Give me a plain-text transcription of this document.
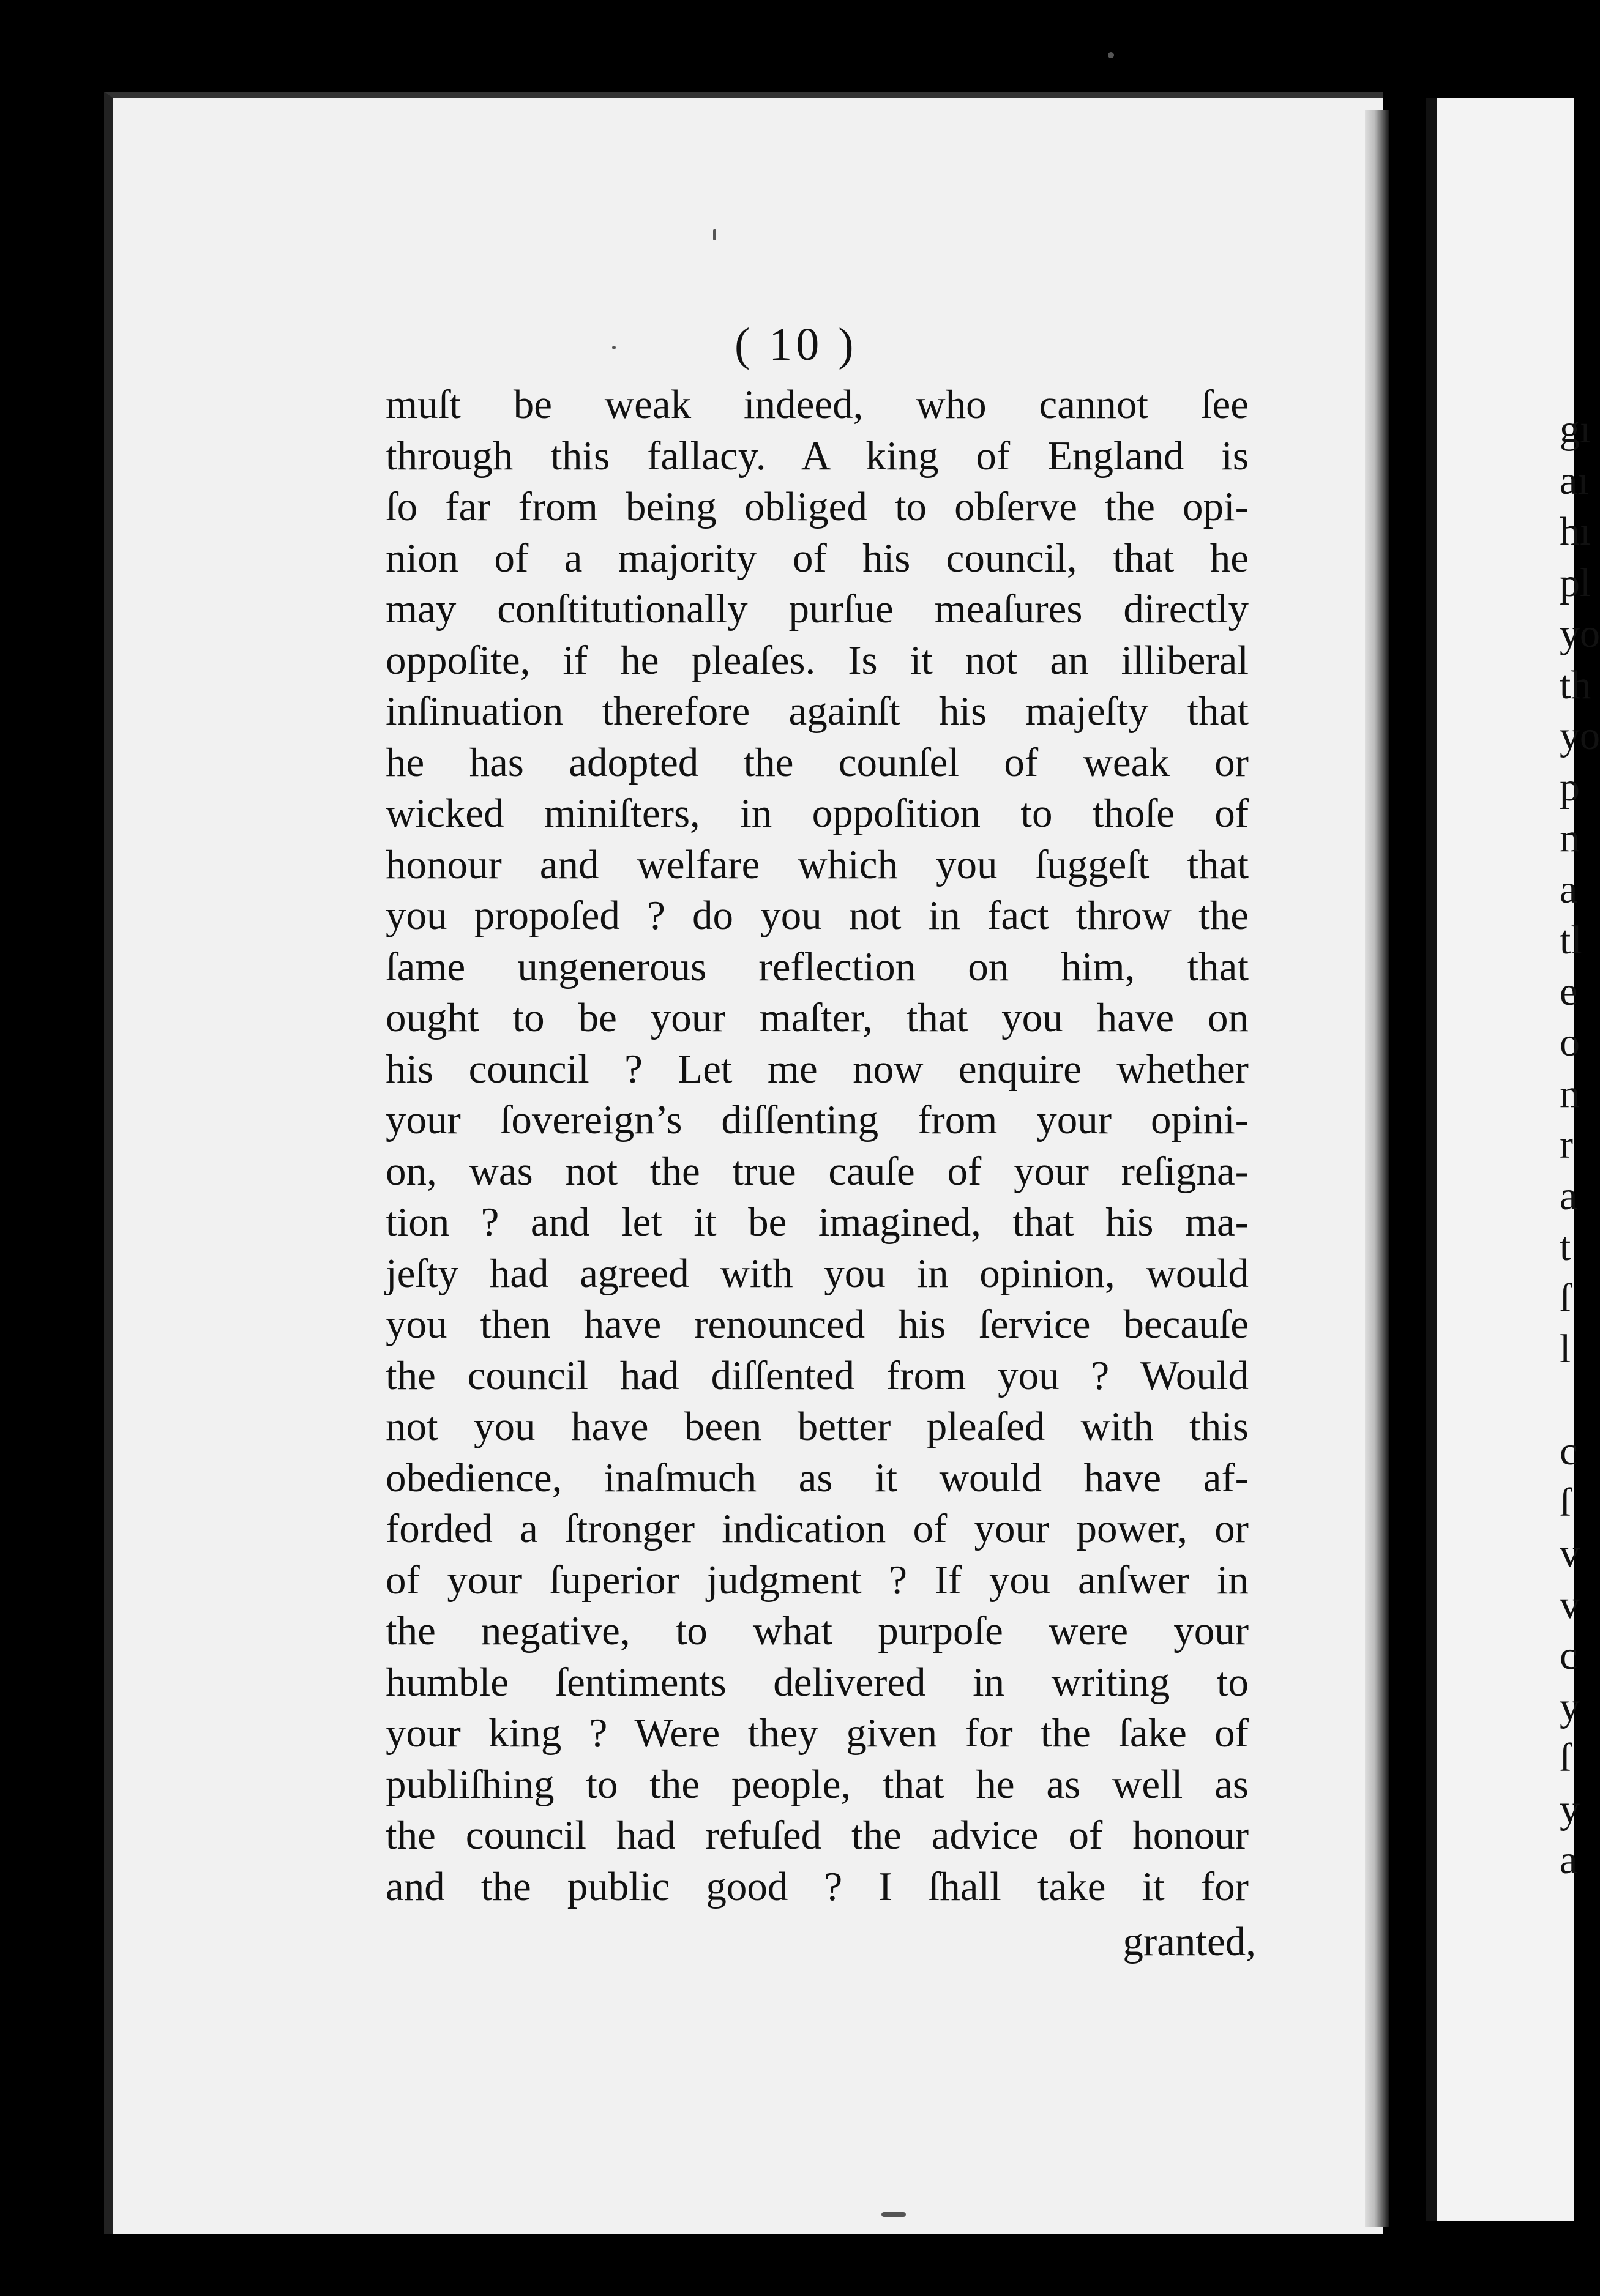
gı
aı
hı
pl
yo
th
yo
p
n
a
tl
e
o
n
r
a
t
ſ
l

c
ſ
v
v
c
y
ſ
y
a
( 10 )
muſt be weak indeed, who cannot ſee
through this fallacy. A king of England is
ſo far from being obliged to obſerve the opi-
nion of a majority of his council, that he
may conſtitutionally purſue meaſures directly
oppoſite, if he pleaſes. Is it not an illiberal
inſinuation therefore againſt his majeſty that
he has adopted the counſel of weak or
wicked miniſters, in oppoſition to thoſe of
honour and welfare which you ſuggeſt that
you propoſed ? do you not in fact throw the
ſame ungenerous reflection on him, that
ought to be your maſter, that you have on
his council ? Let me now enquire whether
your ſovereign’s diſſenting from your opini-
on, was not the true cauſe of your reſigna-
tion ? and let it be imagined, that his ma-
jeſty had agreed with you in opinion, would
you then have renounced his ſervice becauſe
the council had diſſented from you ? Would
not you have been better pleaſed with this
obedience, inaſmuch as it would have af-
forded a ſtronger indication of your power, or
of your ſuperior judgment ? If you anſwer in
the negative, to what purpoſe were your
humble ſentiments delivered in writing to
your king ? Were they given for the ſake of
publiſhing to the people, that he as well as
the council had refuſed the advice of honour
and the public good ? I ſhall take it for
granted,
